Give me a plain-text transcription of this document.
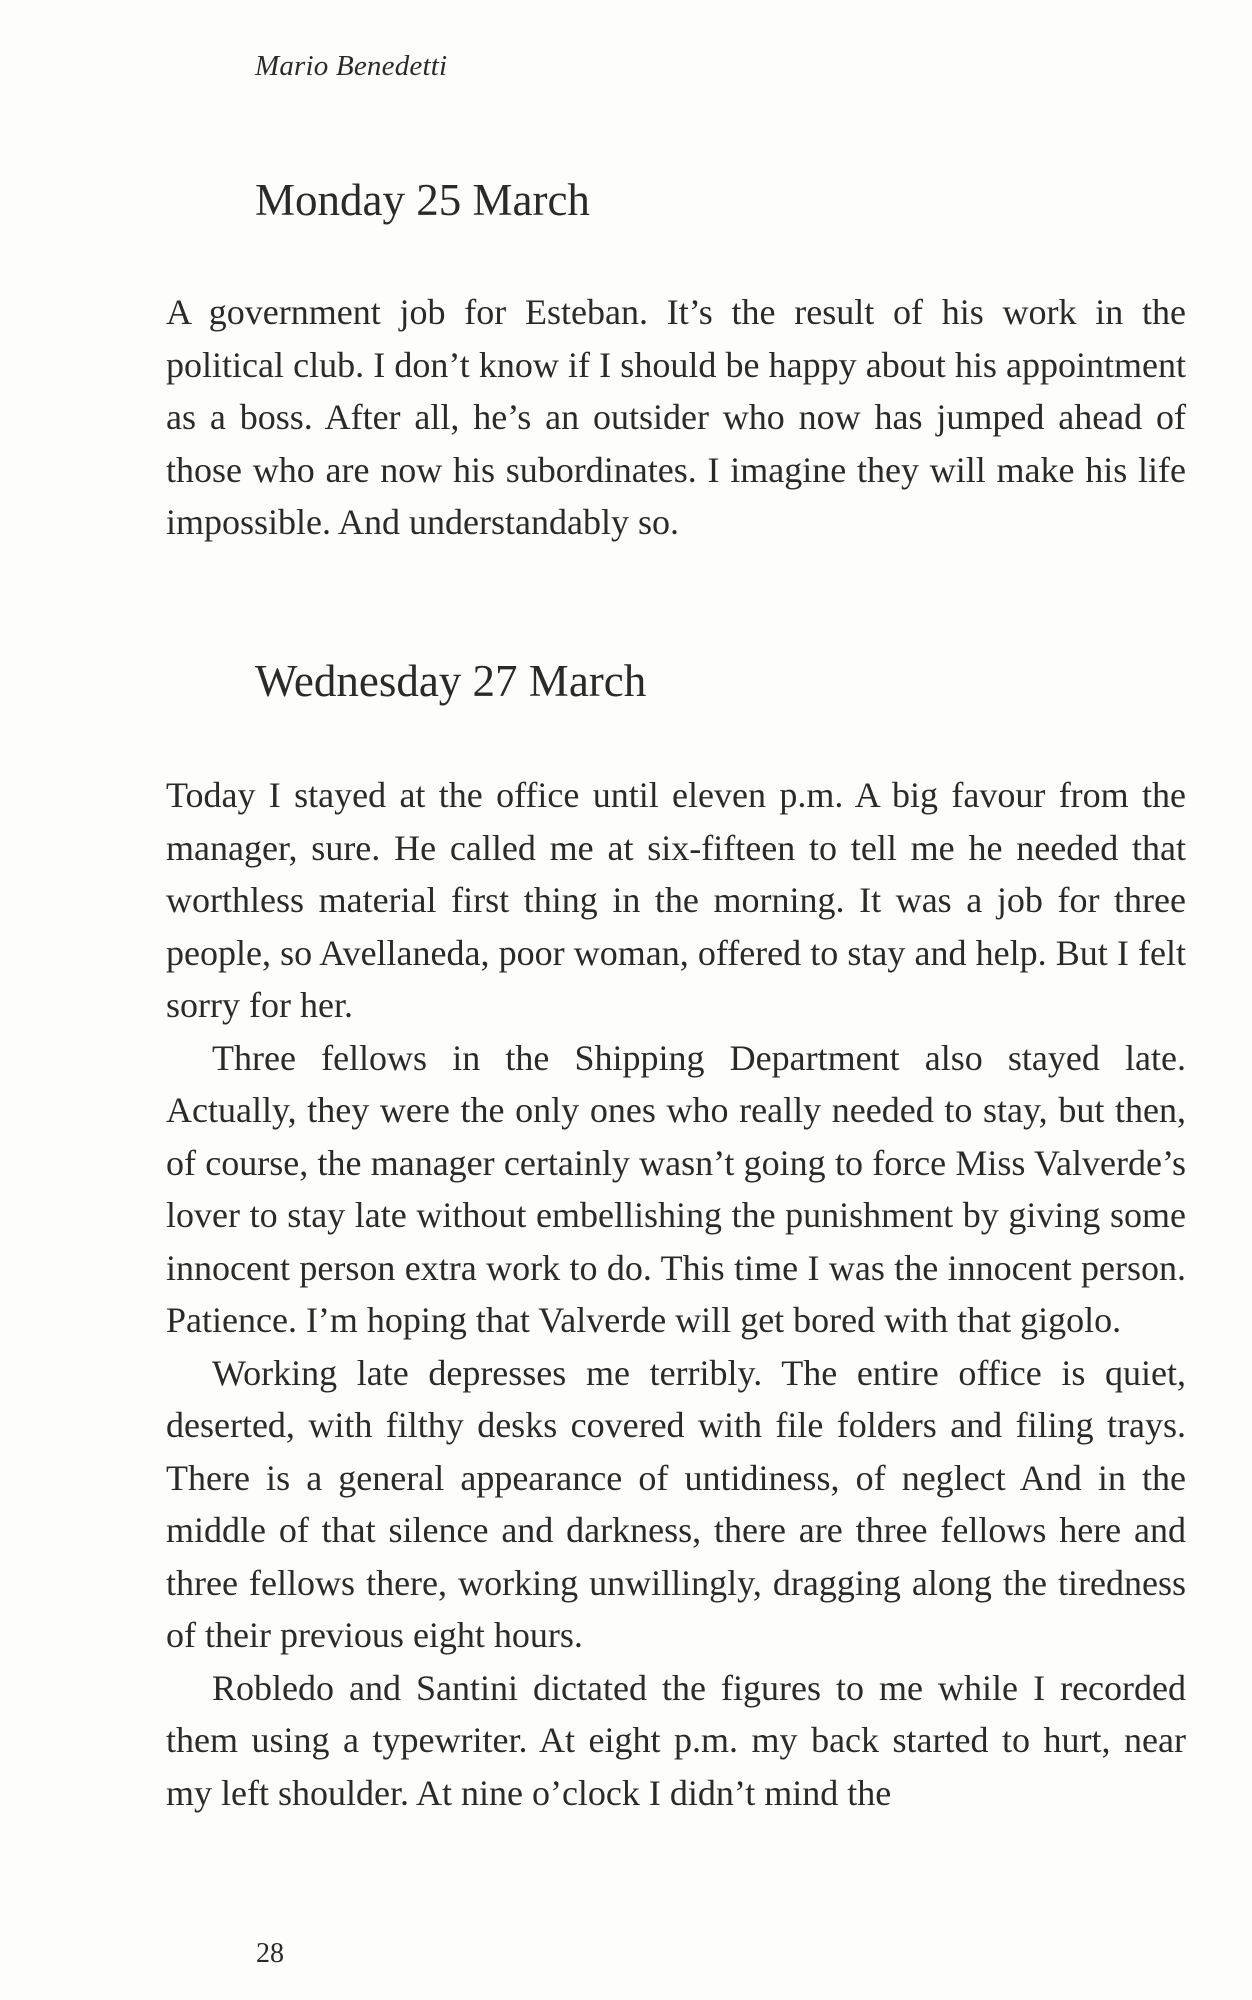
Mario Benedetti
Monday 25 March

A government job for Esteban. It’s the result of his work in the political club. I don’t know if I should be happy about his appointment as a boss. After all, he’s an outsider who now has jumped ahead of those who are now his subordinates. I imagine they will make his life impossible. And understandably so.

Wednesday 27 March

Today I stayed at the office until eleven p.m. A big favour from the manager, sure. He called me at six-fifteen to tell me he needed that worthless material first thing in the morning. It was a job for three people, so Avellaneda, poor woman, offered to stay and help. But I felt sorry for her.

Three fellows in the Shipping Department also stayed late. Actually, they were the only ones who really needed to stay, but then, of course, the manager certainly wasn’t going to force Miss Valverde’s lover to stay late without embellishing the punishment by giving some innocent person extra work to do. This time I was the innocent person. Patience. I’m hoping that Valverde will get bored with that gigolo.

Working late depresses me terribly. The entire office is quiet, deserted, with filthy desks covered with file folders and filing trays. There is a general appearance of untidiness, of neglect And in the middle of that silence and darkness, there are three fellows here and three fellows there, working unwillingly, dragging along the tiredness of their previous eight hours.

Robledo and Santini dictated the figures to me while I recorded them using a typewriter. At eight p.m. my back started to hurt, near my left shoulder. At nine o’clock I didn’t mind the

28
